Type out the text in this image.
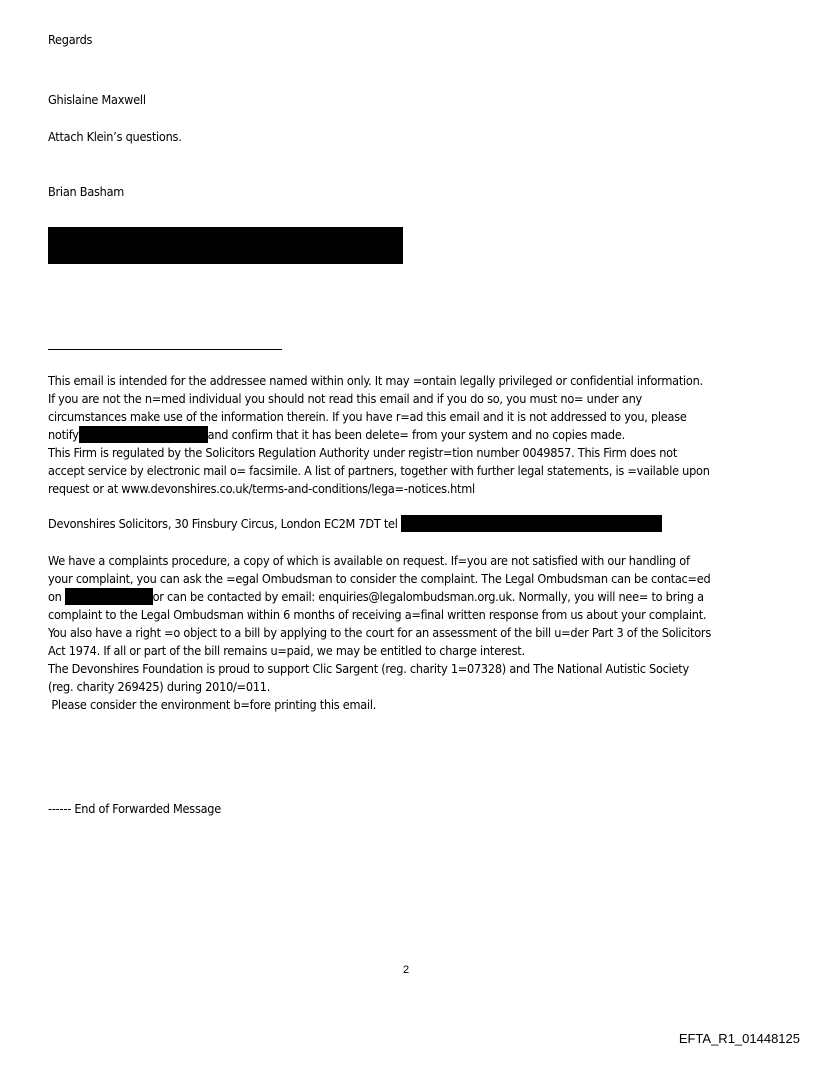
Regards
Ghislaine Maxwell
Attach Klein’s questions.
Brian Basham
This email is intended for the addressee named within only. It may =ontain legally privileged or confidential information.
If you are not the n=med individual you should not read this email and if you do so, you must no= under any
circumstances make use of the information therein. If you have r=ad this email and it is not addressed to you, please
notify	and confirm that it has been delete= from your system and no copies made.
This Firm is regulated by the Solicitors Regulation Authority under registr=tion number 0049857. This Firm does not
accept service by electronic mail o= facsimile. A list of partners, together with further legal statements, is =vailable upon
request or at www.devonshires.co.uk/terms-and-conditions/lega=-notices.html
Devonshires Solicitors, 30 Finsbury Circus, London EC2M 7DT tel
We have a complaints procedure, a copy of which is available on request. If=you are not satisfied with our handling of
your complaint, you can ask the =egal Ombudsman to consider the complaint. The Legal Ombudsman can be contac=ed
on	or can be contacted by email: enquiries@legalombudsman.org.uk. Normally, you will nee= to bring a
complaint to the Legal Ombudsman within 6 months of receiving a=final written response from us about your complaint.
You also have a right =o object to a bill by applying to the court for an assessment of the bill u=der Part 3 of the Solicitors
Act 1974. If all or part of the bill remains u=paid, we may be entitled to charge interest.
The Devonshires Foundation is proud to support Clic Sargent (reg. charity 1=07328) and The National Autistic Society
(reg. charity 269425) during 2010/=011.
Please consider the environment b=fore printing this email.
------ End of Forwarded Message
2
EFTA_R1_01448125
